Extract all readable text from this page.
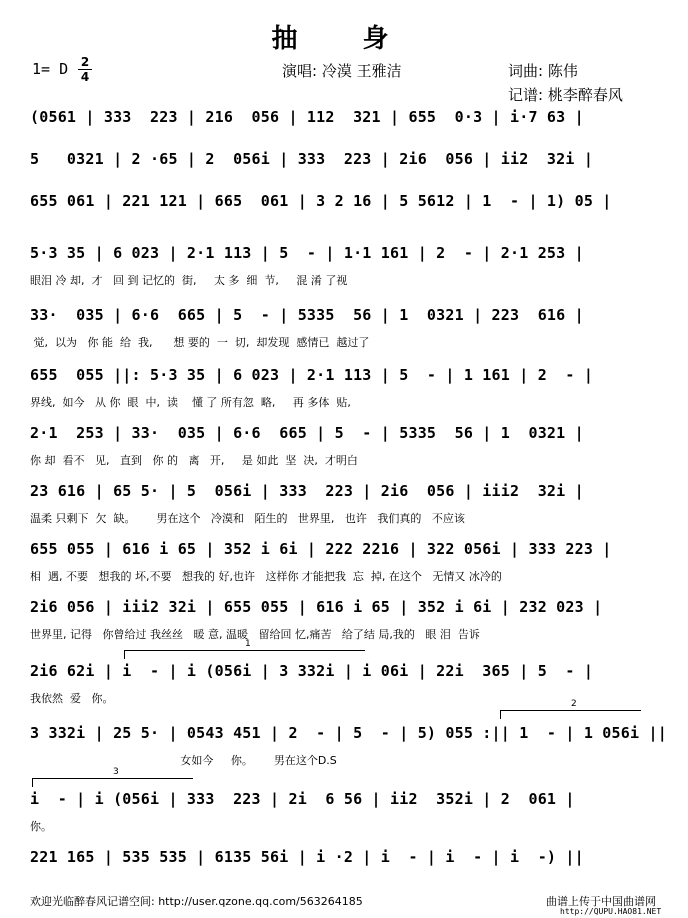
抽 身
1= D 2
4	演唱: 冷漠 王雅洁	词曲: 陈伟
记谱: 桃李醉春风
(0561 | 333  223 | 216  056 | 112  321 | 655  0·3 | i·7 63 |
5   0321 | 2 ·65 | 2  056i | 333  223 | 2i6  056 | ii2  32i |
655 061 | 221 121 | 665  061 | 3 2 16 | 5 5612 | 1  - | 1) 05 |
5·3 35 | 6 023 | 2·1 113 | 5  - | 1·1 161 | 2  - | 2·1 253 |
眼泪 冷 却,  才   回 到 记忆的  街,     太 多  细  节,     混 淆 了视
33·  035 | 6·6  665 | 5  - | 5335  56 | 1  0321 | 223  616 |
觉,  以为   你 能  给  我,      想 要的  一  切,  却发现  感情已  越过了
655  055 ||: 5·3 35 | 6 023 | 2·1 113 | 5  - | 1 161 | 2  - |
界线,  如今   从 你  眼  中,  读    懂 了 所有忽  略,     再 多体  贴,
2·1  253 | 33·  035 | 6·6  665 | 5  - | 5335  56 | 1  0321 |
你 却  看不   见,   直到   你 的   离   开,     是 如此  坚  决,  才明白
23 616 | 65 5· | 5  056i | 333  223 | 2i6  056 | iii2  32i |
温柔 只剩下  欠  缺。      男在这个   冷漠和   陌生的   世界里,   也许   我们真的   不应该
655 055 | 616 i 65 | 352 i 6i | 222 2216 | 322 056i | 333 223 |
相  遇, 不要   想我的 坏,不要   想我的 好,也许   这样你 才能把我  忘  掉, 在这个   无情又 冰冷的
2i6 056 | iii2 32i | 655 055 | 616 i 65 | 352 i 6i | 232 023 |
世界里, 记得   你曾给过 我丝丝   暖 意, 温暖   留给回 忆,痛苦   给了结 局,我的   眼 泪  告诉
1
2i6 62i | i  - | i (056i | 3 332i | i 06i | 22i  365 | 5  - |
我依然  爱   你。	2
3 332i | 25 5· | 0543 451 | 2  - | 5  - | 5) 055 :|| 1  - | 1 056i ||
女如今     你。      男在这个D.S
3
i  - | i (056i | 333  223 | 2i  6 56 | ii2  352i | 2  061 |
你。
221 165 | 535 535 | 6135 56i | i ·2 | i  - | i  - | i  -) ||
欢迎光临醉春风记谱空间: http://user.qzone.qq.com/563264185	曲谱上传于中国曲谱网
http://QUPU.HAO81.NET
